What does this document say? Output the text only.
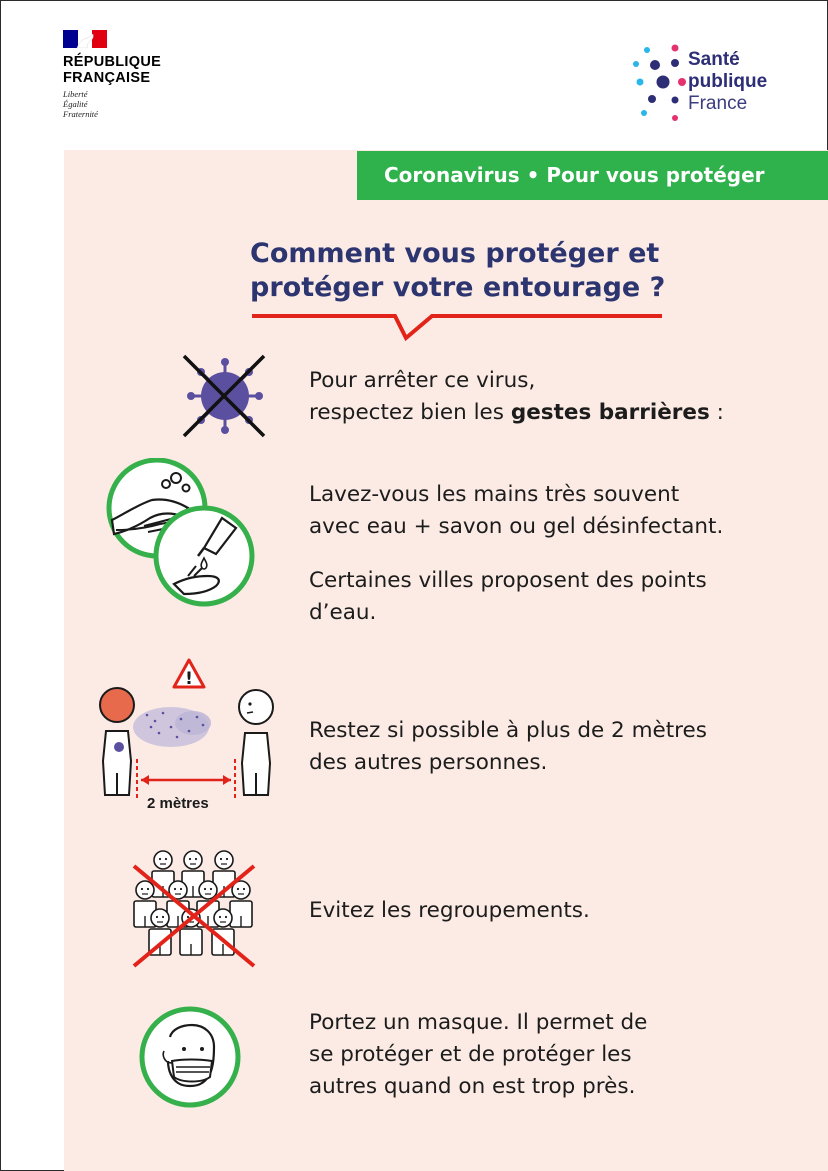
RÉPUBLIQUE
FRANÇAISE
Liberté
Égalité
Fraternité
Santé
publique
France
Coronavirus • Pour vous protéger
Comment vous protéger et
protéger votre entourage ?

Pour arrêter ce virus,
respectez bien les gestes barrières :

Lavez-vous les mains très souvent
avec eau + savon ou gel désinfectant.

Certaines villes proposent des points
d’eau.

!
2 mètres

Restez si possible à plus de 2 mètres
des autres personnes.

Evitez les regroupements.

Portez un masque. Il permet de
se protéger et de protéger les
autres quand on est trop près.
